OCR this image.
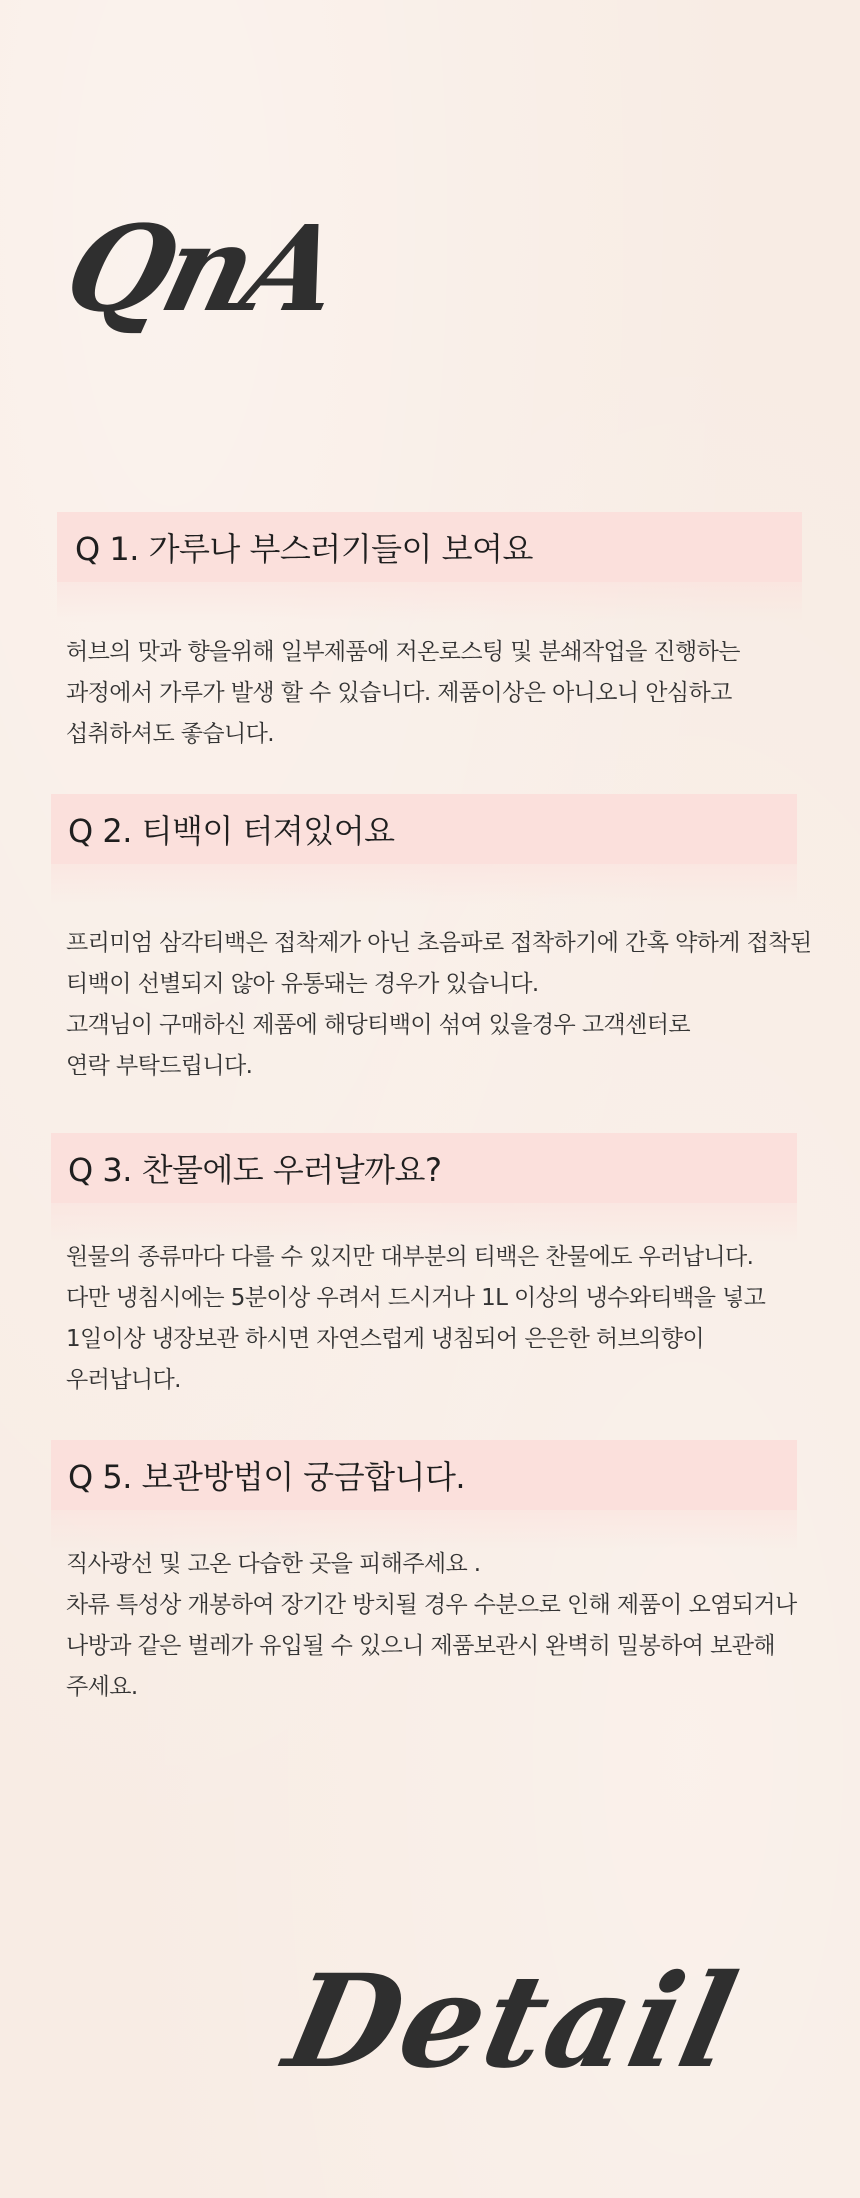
QnA
Q 1. 가루나 부스러기들이 보여요
허브의 맛과 향을위해 일부제품에 저온로스팅 및 분쇄작업을 진행하는
과정에서 가루가 발생 할 수 있습니다. 제품이상은 아니오니 안심하고
섭취하셔도 좋습니다.
Q 2. 티백이 터져있어요
프리미엄 삼각티백은 접착제가 아닌 초음파로 접착하기에 간혹 약하게 접착된
티백이 선별되지 않아 유통돼는 경우가 있습니다.
고객님이 구매하신 제품에 해당티백이 섞여 있을경우 고객센터로
연락 부탁드립니다.
Q 3. 찬물에도 우러날까요?
원물의 종류마다 다를 수 있지만 대부분의 티백은 찬물에도 우러납니다.
다만 냉침시에는 5분이상 우려서 드시거나 1L 이상의 냉수와티백을 넣고
1일이상 냉장보관 하시면 자연스럽게 냉침되어 은은한 허브의향이
우러납니다.
Q 5. 보관방법이 궁금합니다.
직사광선 및 고온 다습한 곳을 피해주세요 .
차류 특성상 개봉하여 장기간 방치될 경우 수분으로 인해 제품이 오염되거나
나방과 같은 벌레가 유입될 수 있으니 제품보관시 완벽히 밀봉하여 보관해
주세요.
Detail
